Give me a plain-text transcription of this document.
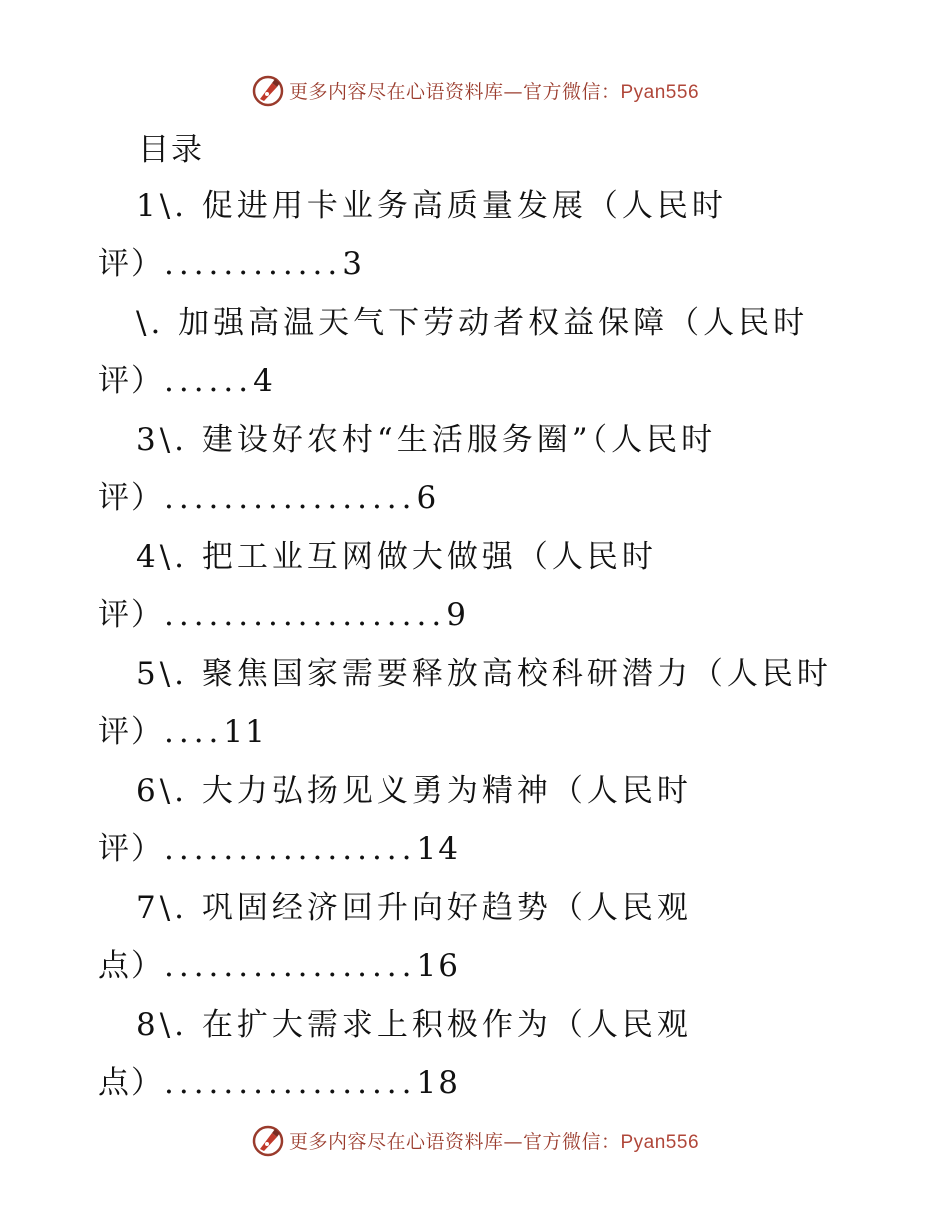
更多内容尽在心语资料库—官方微信：Pyan556
目录
1\. 促进用卡业务高质量发展（人民时
评）............3
\. 加强高温天气下劳动者权益保障（人民时
评）......4
3\. 建设好农村“生活服务圈”（人民时
评）.................6
4\. 把工业互网做大做强（人民时
评）...................9
5\. 聚焦国家需要释放高校科研潜力（人民时
评）....11
6\. 大力弘扬见义勇为精神（人民时
评）.................14
7\. 巩固经济回升向好趋势（人民观
点）.................16
8\. 在扩大需求上积极作为（人民观
点）.................18
更多内容尽在心语资料库—官方微信：Pyan556
